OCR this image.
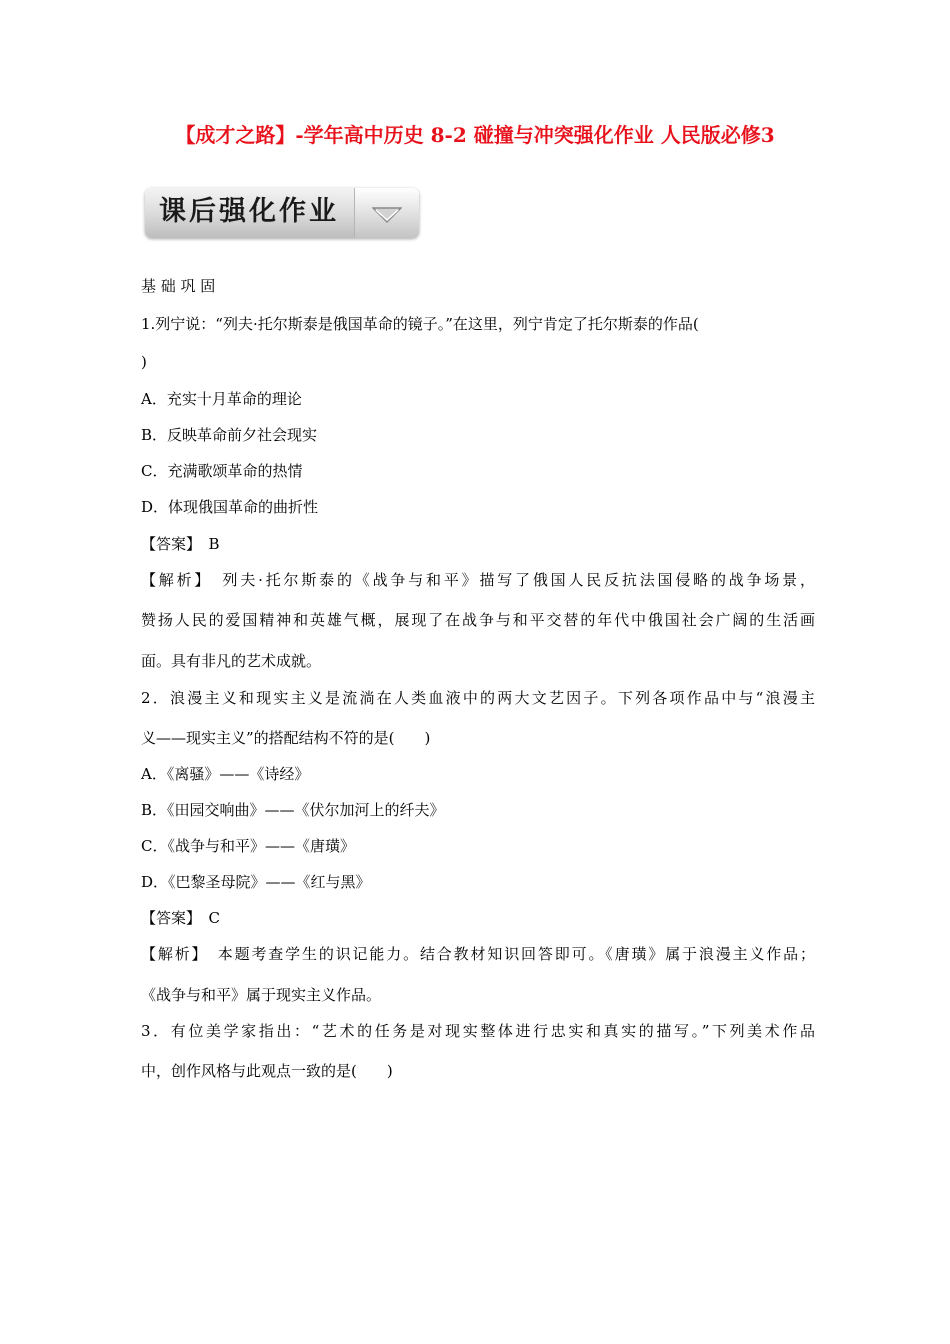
【成才之路】-学年高中历史 8-2 碰撞与冲突强化作业 人民版必修3
课后强化作业
基 础 巩 固
1.列宁说：“列夫·托尔斯泰是俄国革命的镜子。”在这里，列宁肯定了托尔斯泰的作品(
)
A．充实十月革命的理论
B．反映革命前夕社会现实
C．充满歌颂革命的热情
D．体现俄国革命的曲折性
【答案】　B
【解析】　列夫·托尔斯泰的《战争与和平》描写了俄国人民反抗法国侵略的战争场景，
赞扬人民的爱国精神和英雄气概，展现了在战争与和平交替的年代中俄国社会广阔的生活画
面。具有非凡的艺术成就。
2．浪漫主义和现实主义是流淌在人类血液中的两大文艺因子。下列各项作品中与“浪漫主
义——现实主义”的搭配结构不符的是(　　)
A．《离骚》——《诗经》
B．《田园交响曲》——《伏尔加河上的纤夫》
C．《战争与和平》——《唐璜》
D．《巴黎圣母院》——《红与黑》
【答案】　C
【解析】　本题考查学生的识记能力。结合教材知识回答即可。《唐璜》属于浪漫主义作品；
《战争与和平》属于现实主义作品。
3．有位美学家指出：“艺术的任务是对现实整体进行忠实和真实的描写。”下列美术作品
中，创作风格与此观点一致的是(　　)
